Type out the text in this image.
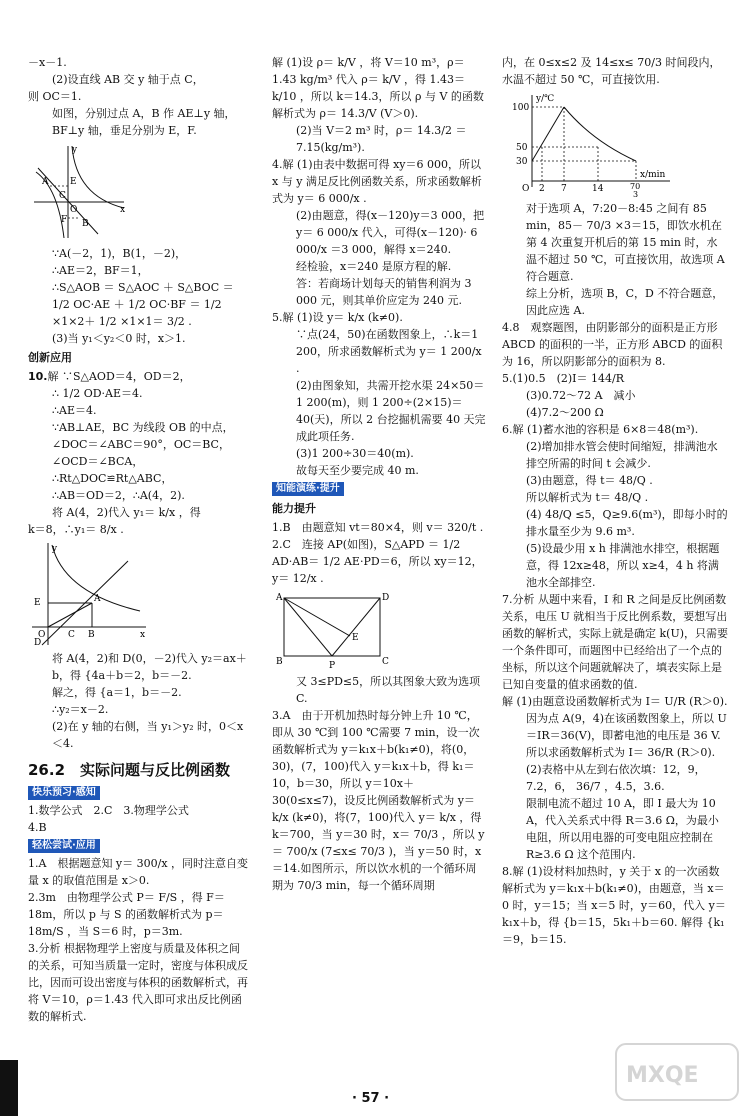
－x－1.

(2)设直线 AB 交 y 轴于点 C，

则 OC＝1.

如图，分别过点 A，B 作 AE⊥y 轴，BF⊥y 轴，垂足分别为 E，F.

A E
C
O
F B
x
y

∵A(－2，1)，B(1，－2)，

∴AE＝2，BF＝1，

∴S△AOB ＝ S△AOC ＋ S△BOC ＝ 1/2 OC·AE ＋ 1/2 OC·BF ＝ 1/2 ×1×2＋ 1/2 ×1×1＝ 3/2 .

(3)当 y₁＜y₂＜0 时，x＞1.

创新应用

10.解 ∵S△AOD＝4，OD＝2，

∴ 1/2 OD·AE＝4.

∴AE＝4.

∵AB⊥AE，BC 为线段 OB 的中点，∠DOC＝∠ABC＝90°，OC＝BC，∠OCD＝∠BCA，

∴Rt△DOC≌Rt△ABC，

∴AB＝OD＝2，∴A(4，2).

将 A(4，2)代入 y₁＝ k/x ，得

k＝8，∴y₁＝ 8/x .

A
E
O	C B
D
x
y

将 A(4，2)和 D(0，－2)代入 y₂＝ax＋b，得 {4a＋b＝2，b＝－2.

解之，得 {a＝1，b＝－2.

∴y₂＝x－2.

(2)在 y 轴的右侧，当 y₁＞y₂ 时，0＜x＜4.

26.2　 实际问题与反比例函数
快乐预习·感知

1.数学公式　2.C　3.物理学公式

4.B

轻松尝试·应用

1.A　根据题意知 y＝ 300/x ，同时注意自变量 x 的取值范围是 x＞0.

2.3m　由物理学公式 P＝ F/S ，得 F＝18m，所以 p 与 S 的函数解析式为 p＝ 18m/S ，当 S＝6 时，p＝3m.

3.分析 根据物理学上密度与质量及体积之间的关系，可知当质量一定时，密度与体积成反比，因而可设出密度与体积的函数解析式，再将 V＝10，ρ＝1.43 代入即可求出反比例函数的解析式.

解 (1)设 ρ＝ k/V ，将 V＝10 m³，ρ＝1.43 kg/m³ 代入 ρ＝ k/V ，得 1.43＝ k/10 ，所以 k＝14.3，所以 ρ 与 V 的函数解析式为 ρ＝ 14.3/V (V＞0).

(2)当 V＝2 m³ 时，ρ＝ 14.3/2 ＝7.15(kg/m³).

4.解 (1)由表中数据可得 xy＝6 000，所以 x 与 y 满足反比例函数关系，所求函数解析式为 y＝ 6 000/x .

(2)由题意，得(x－120)y＝3 000，把 y＝ 6 000/x 代入，可得(x－120)· 6 000/x ＝3 000，解得 x＝240.

经检验，x＝240 是原方程的解.

答：若商场计划每天的销售利润为 3 000 元，则其单价应定为 240 元.

5.解 (1)设 y＝ k/x (k≠0).

∵点(24，50)在函数图象上，∴k＝1 200，所求函数解析式为 y＝ 1 200/x .

(2)由图象知，共需开挖水渠 24×50＝1 200(m)，则 1 200÷(2×15)＝40(天)，所以 2 台挖掘机需要 40 天完成此项任务.

(3)1 200÷30＝40(m).

故每天至少要完成 40 m.

知能演练·提升

能力提升

1.B　由题意知 vt＝80×4，则 v＝ 320/t .

2.C　连接 AP(如图)，S△APD ＝ 1/2 AD·AB＝ 1/2 AE·PD＝6，所以 xy＝12，y＝ 12/x .

A
B	C
D
E
P

又 3≤PD≤5，所以其图象大致为选项 C.

3.A　由于开机加热时每分钟上升 10 ℃，即从 30 ℃到 100 ℃需要 7 min，设一次函数解析式为 y＝k₁x＋b(k₁≠0)，将(0，30)，(7，100)代入 y＝k₁x＋b，得 k₁＝10，b＝30，所以 y＝10x＋30(0≤x≤7)，设反比例函数解析式为 y＝ k/x (k≠0)，将(7，100)代入 y＝ k/x ，得 k＝700，当 y＝30 时，x＝ 70/3 ，所以 y＝ 700/x (7≤x≤ 70/3 )，当 y＝50 时，x＝14.如图所示，所以饮水机的一个循环周期为 70/3 min，每一个循环周期

内，在 0≤x≤2 及 14≤x≤ 70/3 时间段内，水温不超过 50 ℃，可直接饮用.

y/℃
x/min
100
50
30
O 2 7	14	70
3

对于选项 A，7:20－8:45 之间有 85 min，85－ 70/3 ×3＝15，即饮水机在第 4 次重复开机后的第 15 min 时，水温不超过 50 ℃，可直接饮用，故选项 A 符合题意.

综上分析，选项 B，C，D 不符合题意，因此应选 A.

4.8　观察题图，由阴影部分的面积是正方形 ABCD 的面积的一半，正方形 ABCD 的面积为 16，所以阴影部分的面积为 8.

5.(1)0.5　(2)I＝ 144/R

(3)0.72～72 A　减小

(4)7.2～200 Ω

6.解 (1)蓄水池的容积是 6×8＝48(m³).

(2)增加排水管会使时间缩短，排满池水排空所需的时间 t 会减少.

(3)由题意，得 t＝ 48/Q .

所以解析式为 t＝ 48/Q .

(4) 48/Q ≤5，Q≥9.6(m³)，即每小时的排水量至少为 9.6 m³.

(5)设最少用 x h 排满池水排空，根据题意，得 12x≥48，所以 x≥4，4 h 将满池水全部排空.

7.分析 从题中来看，I 和 R 之间是反比例函数关系，电压 U 就相当于反比例系数，要想写出函数的解析式，实际上就是确定 k(U)，只需要一个条件即可，而题图中已经给出了一个点的坐标，所以这个问题就解决了，填表实际上是已知自变量的值求函数的值.

解 (1)由题意设函数解析式为 I＝ U/R (R＞0).

因为点 A(9，4)在该函数图象上，所以 U＝IR＝36(V)，即蓄电池的电压是 36 V.

所以求函数解析式为 I＝ 36/R (R＞0).

(2)表格中从左到右依次填：12，9，7.2，6， 36/7 ，4.5，3.6.

限制电流不超过 10 A，即 I 最大为 10 A，代入关系式中得 R＝3.6 Ω，为最小电阻，所以用电器的可变电阻应控制在 R≥3.6 Ω 这个范围内.

8.解 (1)设材料加热时，y 关于 x 的一次函数解析式为 y＝k₁x＋b(k₁≠0)，由题意，当 x＝0 时，y＝15；当 x＝5 时，y＝60，代入 y＝k₁x＋b，得 {b＝15，5k₁＋b＝60. 解得 {k₁＝9，b＝15.

· 57 ·
MXQE
